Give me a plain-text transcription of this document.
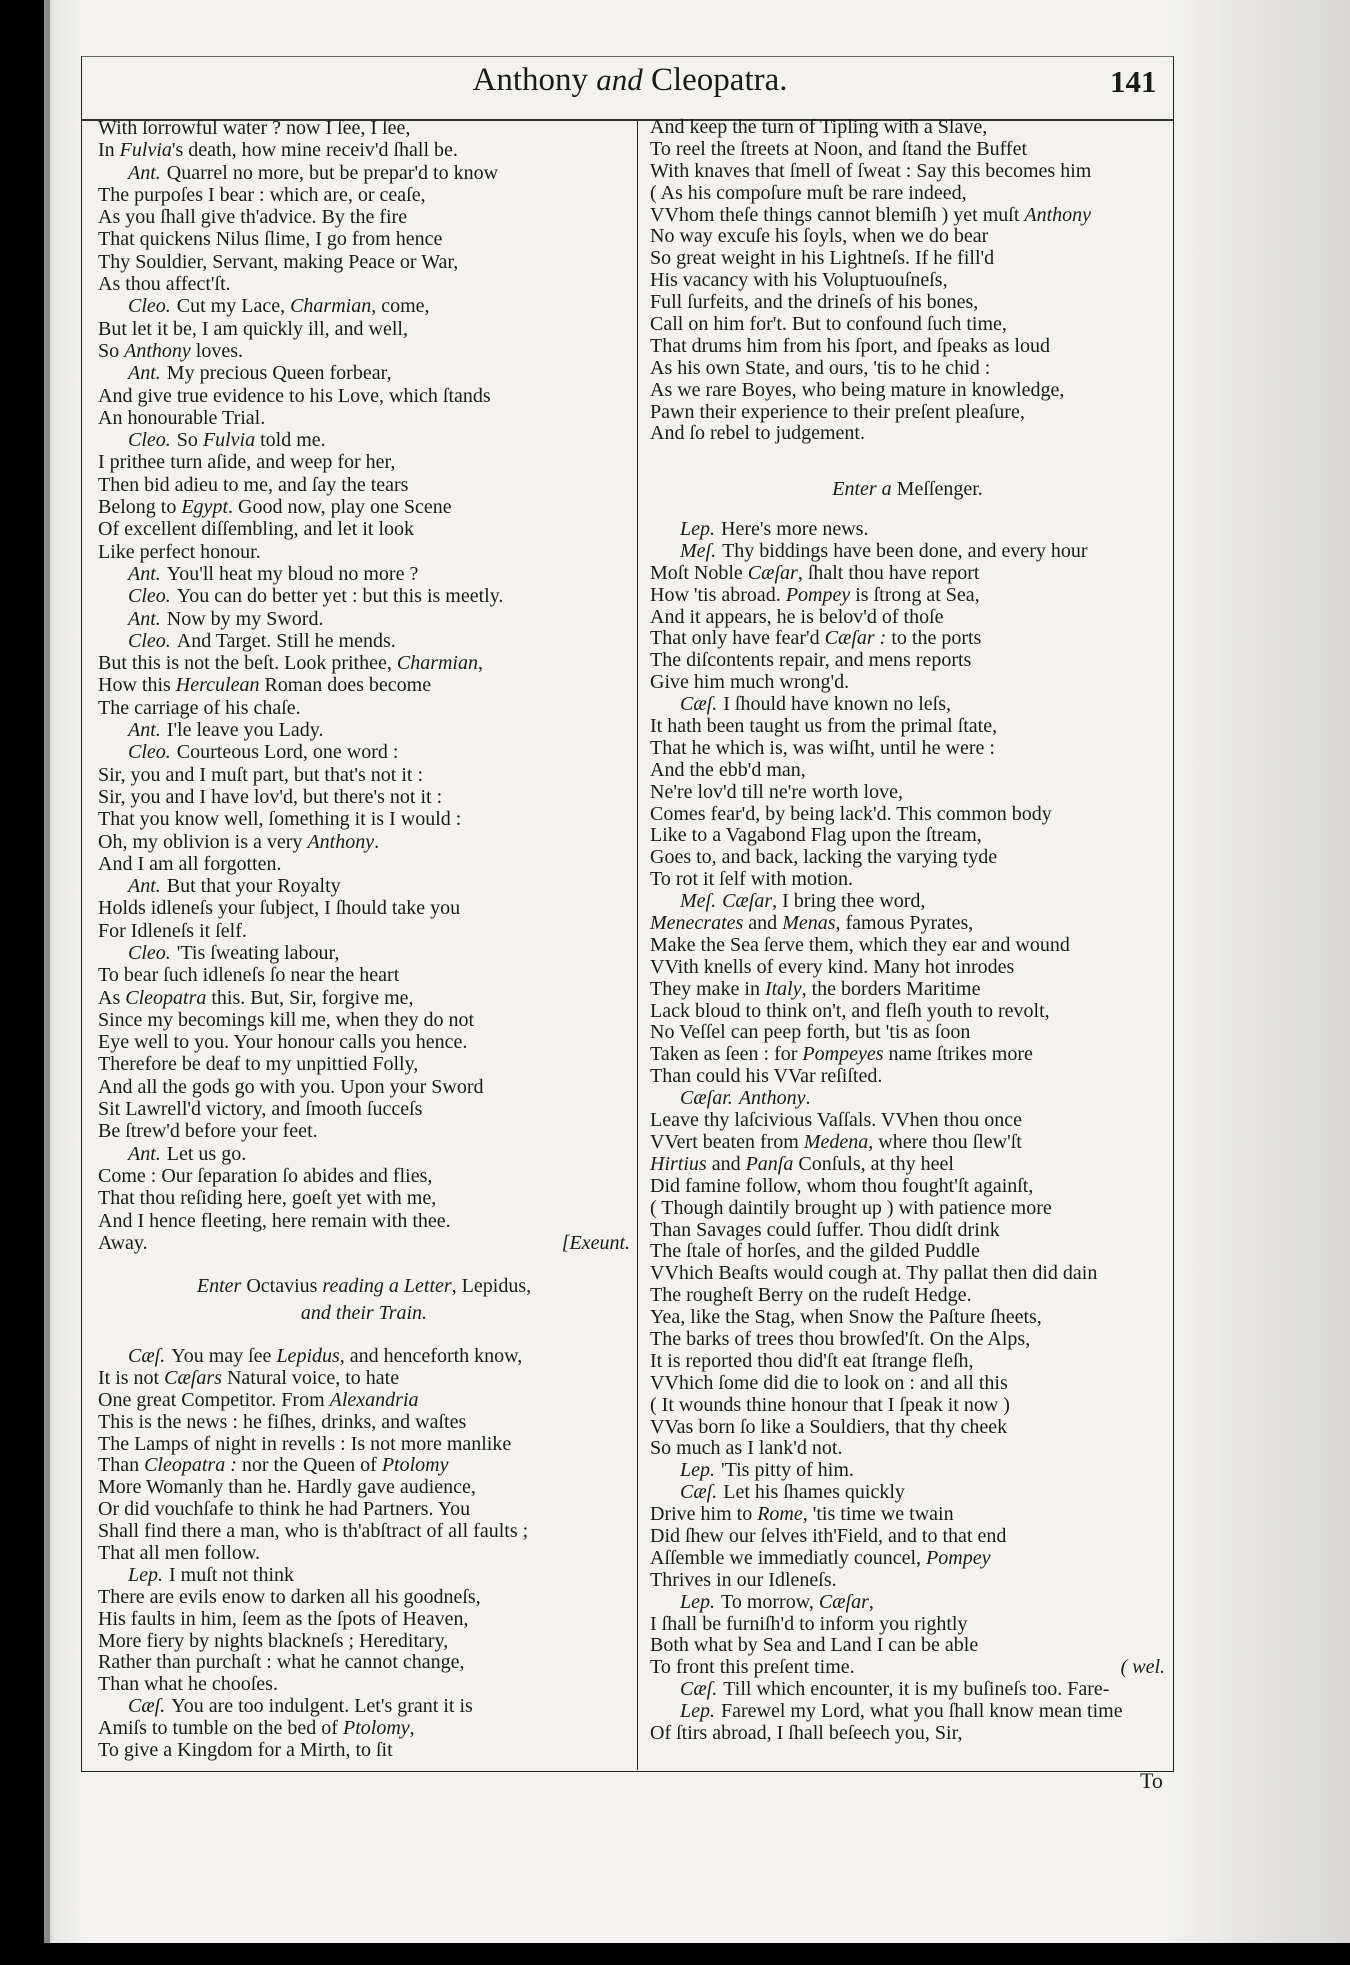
Anthony and Cleopatra.	141
With ſorrowful water ? now I ſee, I ſee,
In Fulvia's death, how mine receiv'd ſhall be.
Ant. Quarrel no more, but be prepar'd to know
The purpoſes I bear : which are, or ceaſe,
As you ſhall give th'advice. By the fire
That quickens Nilus ſlime, I go from hence
Thy Souldier, Servant, making Peace or War,
As thou affect'ſt.
Cleo. Cut my Lace, Charmian, come,
But let it be, I am quickly ill, and well,
So Anthony loves.
Ant. My precious Queen forbear,
And give true evidence to his Love, which ſtands
An honourable Trial.
Cleo. So Fulvia told me.
I prithee turn aſide, and weep for her,
Then bid adieu to me, and ſay the tears
Belong to Egypt. Good now, play one Scene
Of excellent diſſembling, and let it look
Like perfect honour.
Ant. You'll heat my bloud no more ?
Cleo. You can do better yet : but this is meetly.
Ant. Now by my Sword.
Cleo. And Target. Still he mends.
But this is not the beſt. Look prithee, Charmian,
How this Herculean Roman does become
The carriage of his chaſe.
Ant. I'le leave you Lady.
Cleo. Courteous Lord, one word :
Sir, you and I muſt part, but that's not it :
Sir, you and I have lov'd, but there's not it :
That you know well, ſomething it is I would :
Oh, my oblivion is a very Anthony.
And I am all forgotten.
Ant. But that your Royalty
Holds idleneſs your ſubject, I ſhould take you
For Idleneſs it ſelf.
Cleo. 'Tis ſweating labour,
To bear ſuch idleneſs ſo near the heart
As Cleopatra this. But, Sir, forgive me,
Since my becomings kill me, when they do not
Eye well to you. Your honour calls you hence.
Therefore be deaf to my unpittied Folly,
And all the gods go with you. Upon your Sword
Sit Lawrell'd victory, and ſmooth ſucceſs
Be ſtrew'd before your feet.
Ant. Let us go.
Come : Our ſeparation ſo abides and flies,
That thou reſiding here, goeſt yet with me,
And I hence fleeting, here remain with thee.
Away.	[Exeunt.
Enter Octavius reading a Letter, Lepidus,
and their Train.
Cæſ. You may ſee Lepidus, and henceforth know,
It is not Cæſars Natural voice, to hate
One great Competitor. From Alexandria
This is the news : he fiſhes, drinks, and waſtes
The Lamps of night in revells : Is not more manlike
Than Cleopatra : nor the Queen of Ptolomy
More Womanly than he. Hardly gave audience,
Or did vouchſafe to think he had Partners. You
Shall find there a man, who is th'abſtract of all faults ;
That all men follow.
Lep. I muſt not think
There are evils enow to darken all his goodneſs,
His faults in him, ſeem as the ſpots of Heaven,
More fiery by nights blackneſs ; Hereditary,
Rather than purchaſt : what he cannot change,
Than what he chooſes.
Cæſ. You are too indulgent. Let's grant it is
Amiſs to tumble on the bed of Ptolomy,
To give a Kingdom for a Mirth, to ſit
And keep the turn of Tipling with a Slave,
To reel the ſtreets at Noon, and ſtand the Buffet
With knaves that ſmell of ſweat : Say this becomes him
( As his compoſure muſt be rare indeed,
VVhom theſe things cannot blemiſh ) yet muſt Anthony
No way excuſe his ſoyls, when we do bear
So great weight in his Lightneſs. If he fill'd
His vacancy with his Voluptuouſneſs,
Full ſurfeits, and the drineſs of his bones,
Call on him for't. But to confound ſuch time,
That drums him from his ſport, and ſpeaks as loud
As his own State, and ours, 'tis to he chid :
As we rare Boyes, who being mature in knowledge,
Pawn their experience to their preſent pleaſure,
And ſo rebel to judgement.
Enter a Meſſenger.
Lep. Here's more news.
Meſ. Thy biddings have been done, and every hour
Moſt Noble Cæſar, ſhalt thou have report
How 'tis abroad. Pompey is ſtrong at Sea,
And it appears, he is belov'd of thoſe
That only have fear'd Cæſar : to the ports
The diſcontents repair, and mens reports
Give him much wrong'd.
Cæſ. I ſhould have known no leſs,
It hath been taught us from the primal ſtate,
That he which is, was wiſht, until he were :
And the ebb'd man,
Ne're lov'd till ne're worth love,
Comes fear'd, by being lack'd. This common body
Like to a Vagabond Flag upon the ſtream,
Goes to, and back, lacking the varying tyde
To rot it ſelf with motion.
Meſ. Cæſar, I bring thee word,
Menecrates and Menas, famous Pyrates,
Make the Sea ſerve them, which they ear and wound
VVith knells of every kind. Many hot inrodes
They make in Italy, the borders Maritime
Lack bloud to think on't, and fleſh youth to revolt,
No Veſſel can peep forth, but 'tis as ſoon
Taken as ſeen : for Pompeyes name ſtrikes more
Than could his VVar reſiſted.
Cæſar. Anthony.
Leave thy laſcivious Vaſſals. VVhen thou once
VVert beaten from Medena, where thou ſlew'ſt
Hirtius and Panſa Conſuls, at thy heel
Did famine follow, whom thou fought'ſt againſt,
( Though daintily brought up ) with patience more
Than Savages could ſuffer. Thou didſt drink
The ſtale of horſes, and the gilded Puddle
VVhich Beaſts would cough at. Thy pallat then did dain
The rougheſt Berry on the rudeſt Hedge.
Yea, like the Stag, when Snow the Paſture ſheets,
The barks of trees thou browſed'ſt. On the Alps,
It is reported thou did'ſt eat ſtrange fleſh,
VVhich ſome did die to look on : and all this
( It wounds thine honour that I ſpeak it now )
VVas born ſo like a Souldiers, that thy cheek
So much as I lank'd not.
Lep. 'Tis pitty of him.
Cæſ. Let his ſhames quickly
Drive him to Rome, 'tis time we twain
Did ſhew our ſelves ith'Field, and to that end
Aſſemble we immediatly councel, Pompey
Thrives in our Idleneſs.
Lep. To morrow, Cæſar,
I ſhall be furniſh'd to inform you rightly
Both what by Sea and Land I can be able
To front this preſent time.	( wel.
Cæſ. Till which encounter, it is my buſineſs too. Fare-
Lep. Farewel my Lord, what you ſhall know mean time
Of ſtirs abroad, I ſhall beſeech you, Sir,
To
